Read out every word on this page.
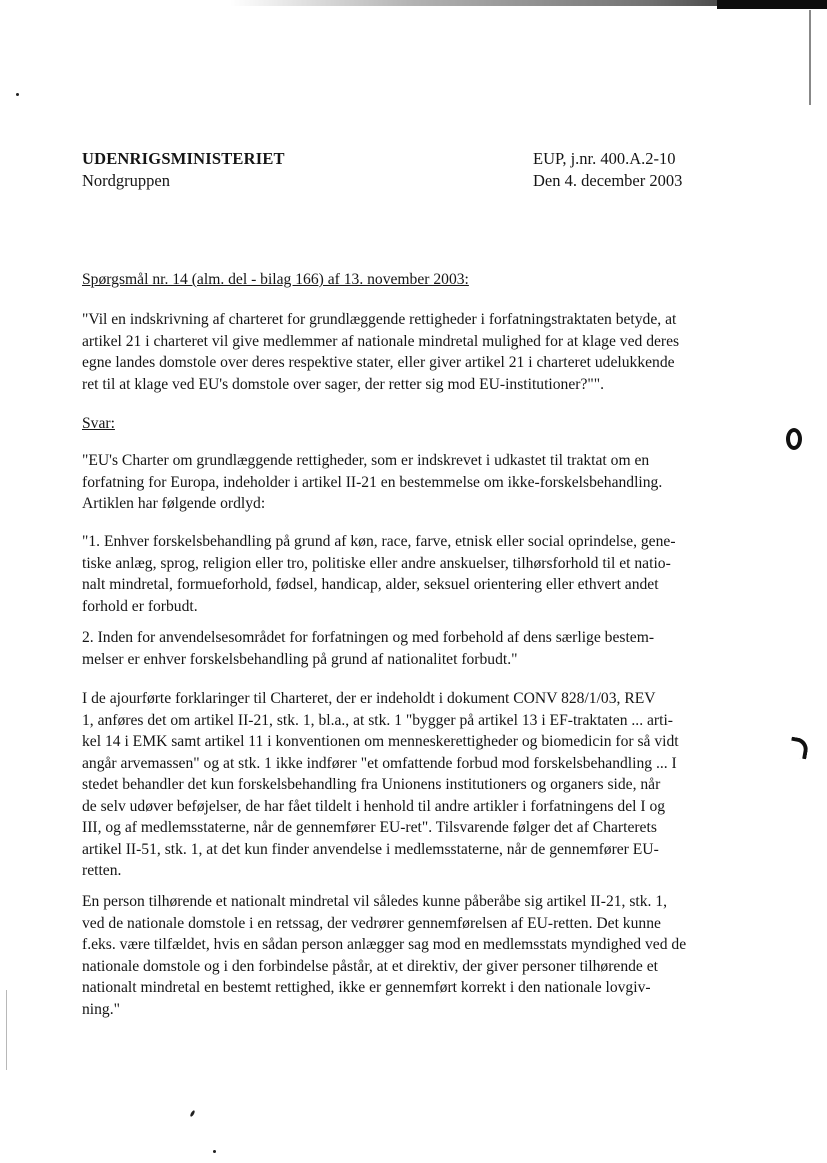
UDENRIGSMINISTERIET
Nordgruppen
EUP, j.nr. 400.A.2-10
Den 4. december 2003
Spørgsmål nr. 14 (alm. del - bilag 166) af 13. november 2003:
"Vil en indskrivning af charteret for grundlæggende rettigheder i forfatningstraktaten betyde, at
artikel 21 i charteret vil give medlemmer af nationale mindretal mulighed for at klage ved deres
egne landes domstole over deres respektive stater, eller giver artikel 21 i charteret udelukkende
ret til at klage ved EU's domstole over sager, der retter sig mod EU-institutioner?"".
Svar:
"EU's Charter om grundlæggende rettigheder, som er indskrevet i udkastet til traktat om en
forfatning for Europa, indeholder i artikel II-21 en bestemmelse om ikke-forskelsbehandling.
Artiklen har følgende ordlyd:
"1. Enhver forskelsbehandling på grund af køn, race, farve, etnisk eller social oprindelse, gene-
tiske anlæg, sprog, religion eller tro, politiske eller andre anskuelser, tilhørsforhold til et natio-
nalt mindretal, formueforhold, fødsel, handicap, alder, seksuel orientering eller ethvert andet
forhold er forbudt.
2. Inden for anvendelsesområdet for forfatningen og med forbehold af dens særlige bestem-
melser er enhver forskelsbehandling på grund af nationalitet forbudt."
I de ajourførte forklaringer til Charteret, der er indeholdt i dokument CONV 828/1/03, REV
1, anføres det om artikel II-21, stk. 1, bl.a., at stk. 1 "bygger på artikel 13 i EF-traktaten ... arti-
kel 14 i EMK samt artikel 11 i konventionen om menneskerettigheder og biomedicin for så vidt
angår arvemassen" og at stk. 1 ikke indfører "et omfattende forbud mod forskelsbehandling ... I
stedet behandler det kun forskelsbehandling fra Unionens institutioners og organers side, når
de selv udøver beføjelser, de har fået tildelt i henhold til andre artikler i forfatningens del I og
III, og af medlemsstaterne, når de gennemfører EU-ret". Tilsvarende følger det af Charterets
artikel II-51, stk. 1, at det kun finder anvendelse i medlemsstaterne, når de gennemfører EU-
retten.
En person tilhørende et nationalt mindretal vil således kunne påberåbe sig artikel II-21, stk. 1,
ved de nationale domstole i en retssag, der vedrører gennemførelsen af EU-retten. Det kunne
f.eks. være tilfældet, hvis en sådan person anlægger sag mod en medlemsstats myndighed ved de
nationale domstole og i den forbindelse påstår, at et direktiv, der giver personer tilhørende et
nationalt mindretal en bestemt rettighed, ikke er gennemført korrekt i den nationale lovgiv-
ning."
